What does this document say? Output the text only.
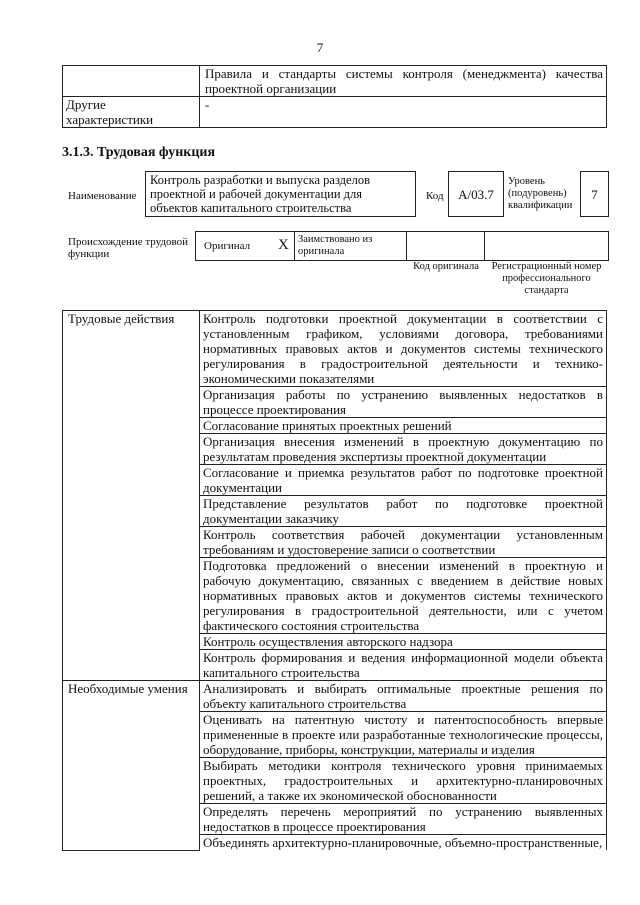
7
	Правила и стандарты системы контроля (менеджмента) качества проектной организации
Другие характеристики	-
3.1.3. Трудовая функция
Наименование
Контроль разработки и выпуска разделов проектной и рабочей документации для объектов капитального строительства
Код	А/03.7
Уровень (подуровень) квалификации
7
Происхождение трудовой функции
Оригинал X Заимствовано из оригинала
Код оригинала	Регистрационный номер профессионального стандарта
Трудовые действия	Контроль подготовки проектной документации в соответствии с установленным графиком, условиями договора, требованиями нормативных правовых актов и документов системы технического регулирования в градостроительной деятельности и технико-экономическими показателями
	Организация работы по устранению выявленных недостатков в процессе проектирования
	Согласование принятых проектных решений
	Организация внесения изменений в проектную документацию по результатам проведения экспертизы проектной документации
	Согласование и приемка результатов работ по подготовке проектной документации
	Представление результатов работ по подготовке проектной документации заказчику
	Контроль соответствия рабочей документации установленным требованиям и удостоверение записи о соответствии
	Подготовка предложений о внесении изменений в проектную и рабочую документацию, связанных с введением в действие новых нормативных правовых актов и документов системы технического регулирования в градостроительной деятельности, или с учетом фактического состояния строительства
	Контроль осуществления авторского надзора
	Контроль формирования и ведения информационной модели объекта капитального строительства
Необходимые умения	Анализировать и выбирать оптимальные проектные решения по объекту капитального строительства
	Оценивать на патентную чистоту и патентоспособность впервые примененные в проекте или разработанные технологические процессы, оборудование, приборы, конструкции, материалы и изделия
	Выбирать методики контроля технического уровня принимаемых проектных, градостроительных и архитектурно-планировочных решений, а также их экономической обоснованности
	Определять перечень мероприятий по устранению выявленных недостатков в процессе проектирования
	Объединять архитектурно-планировочные, объемно-пространственные,
